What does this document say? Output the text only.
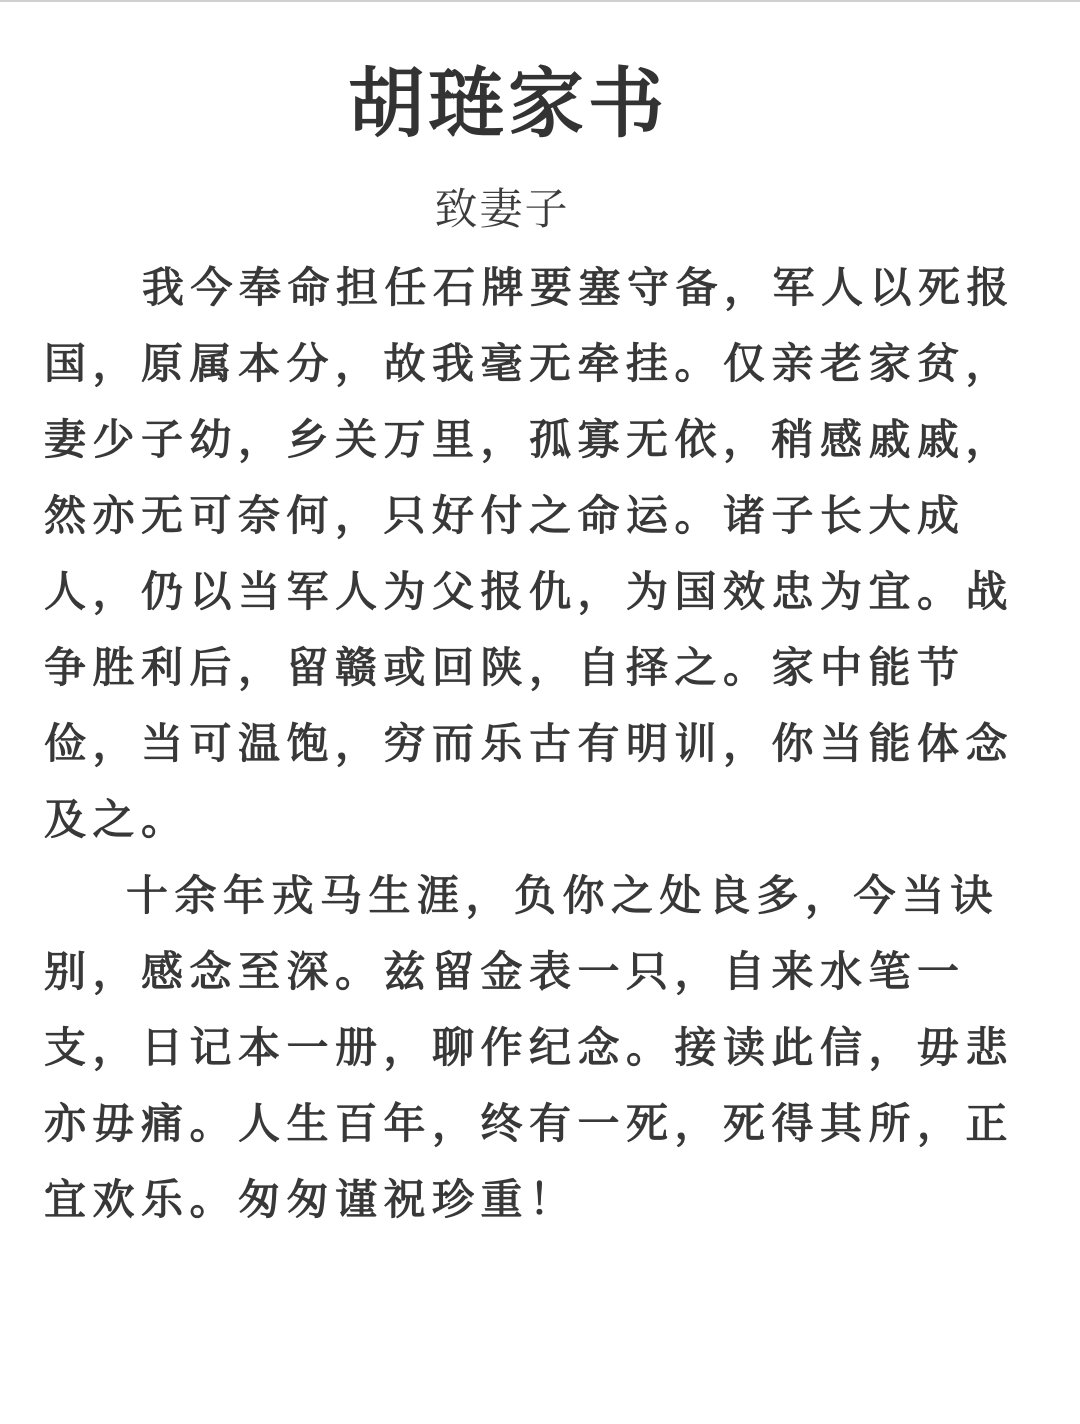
胡琏家书
致妻子

我今奉命担任石牌要塞守备，军人以死报国，原属本分，故我毫无牵挂。仅亲老家贫，妻少子幼，乡关万里，孤寡无依，稍感戚戚，然亦无可奈何，只好付之命运。诸子长大成人，仍以当军人为父报仇，为国效忠为宜。战争胜利后，留赣或回陕，自择之。家中能节俭，当可温饱，穷而乐古有明训，你当能体念及之。

十余年戎马生涯，负你之处良多，今当诀别，感念至深。兹留金表一只，自来水笔一支，日记本一册，聊作纪念。接读此信，毋悲亦毋痛。人生百年，终有一死，死得其所，正宜欢乐。匆匆谨祝珍重！
